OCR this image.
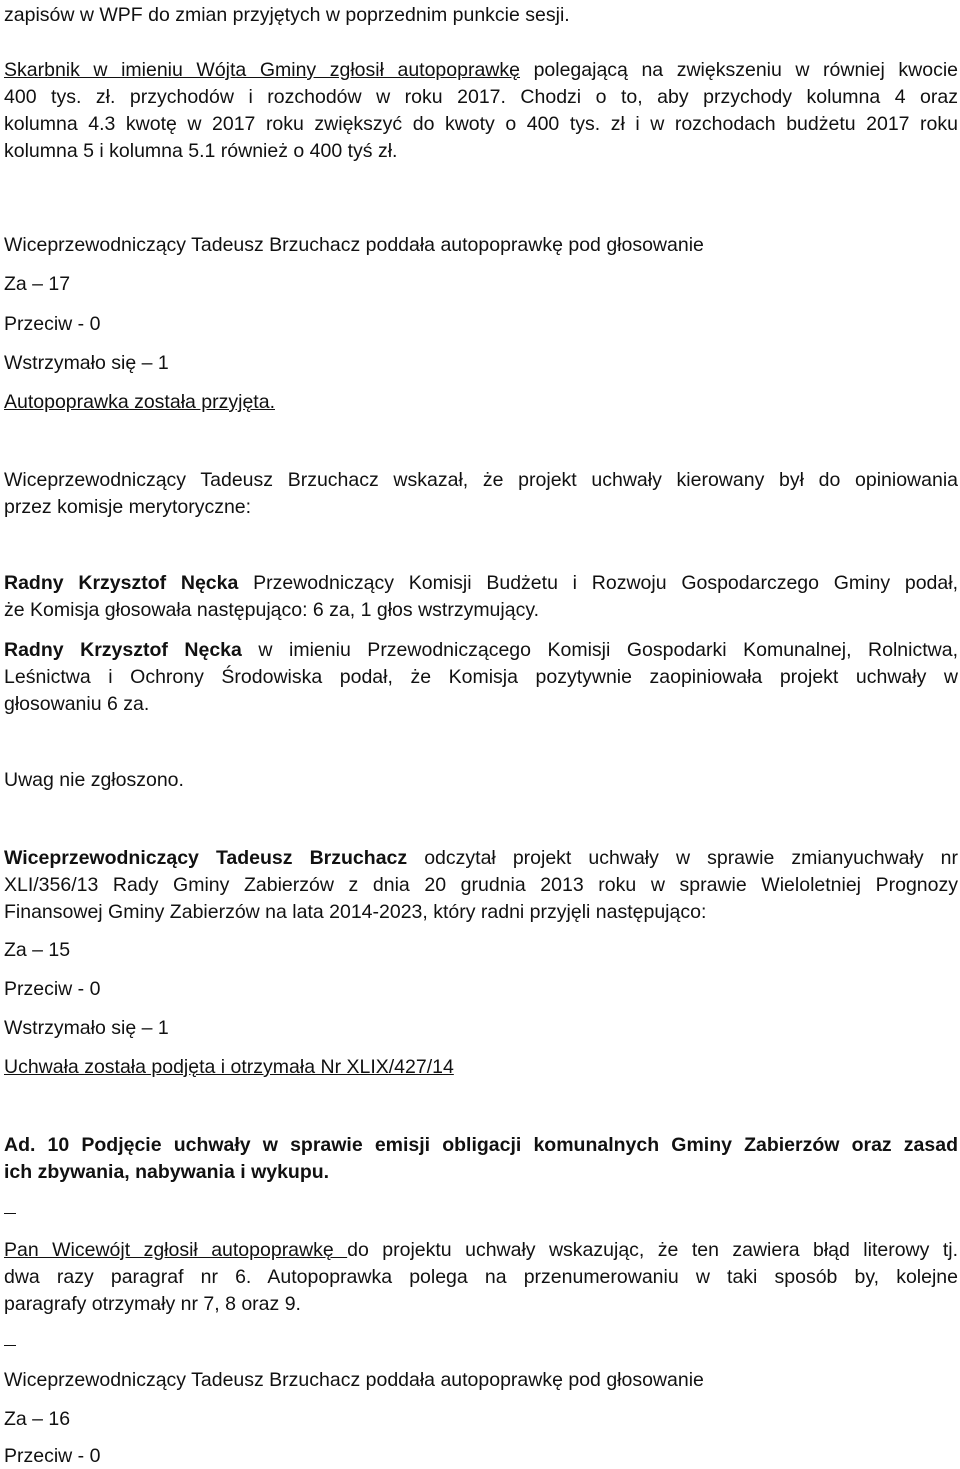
zapisów w WPF do zmian przyjętych w poprzednim punkcie sesji.
Skarbnik w imieniu Wójta Gminy zgłosił autopoprawkę polegającą na zwiększeniu w równiej kwocie
400 tys. zł. przychodów i rozchodów w roku 2017. Chodzi o to, aby przychody kolumna 4 oraz
kolumna 4.3 kwotę w 2017 roku zwiększyć do kwoty o 400 tys. zł i w rozchodach budżetu 2017 roku
kolumna 5 i kolumna 5.1 również o 400 tyś zł.
Wiceprzewodniczący Tadeusz Brzuchacz poddała autopoprawkę pod głosowanie
Za – 17
Przeciw - 0
Wstrzymało się – 1
Autopoprawka została przyjęta.
Wiceprzewodniczący Tadeusz Brzuchacz wskazał, że projekt uchwały kierowany był do opiniowania
przez komisje merytoryczne:
Radny Krzysztof Nęcka Przewodniczący Komisji Budżetu i Rozwoju Gospodarczego Gminy podał,
że Komisja głosowała następująco: 6 za, 1 głos wstrzymujący.
Radny Krzysztof Nęcka w imieniu Przewodniczącego Komisji Gospodarki Komunalnej, Rolnictwa,
Leśnictwa i Ochrony Środowiska podał, że Komisja pozytywnie zaopiniowała projekt uchwały w
głosowaniu 6 za.
Uwag nie zgłoszono.
Wiceprzewodniczący Tadeusz Brzuchacz odczytał projekt uchwały w sprawie zmianyuchwały nr
XLI/356/13 Rady Gminy Zabierzów z dnia 20 grudnia 2013 roku w sprawie Wieloletniej Prognozy
Finansowej Gminy Zabierzów na lata 2014-2023, który radni przyjęli następująco:
Za – 15
Przeciw - 0
Wstrzymało się – 1
Uchwała została podjęta i otrzymała Nr XLIX/427/14
Ad. 10 Podjęcie uchwały w sprawie emisji obligacji komunalnych Gminy Zabierzów oraz zasad
ich zbywania, nabywania i wykupu.
Pan Wicewójt zgłosił autopoprawkę do projektu uchwały wskazując, że ten zawiera błąd literowy tj.
dwa razy paragraf nr 6. Autopoprawka polega na przenumerowaniu w taki sposób by, kolejne
paragrafy otrzymały nr 7, 8 oraz 9.
Wiceprzewodniczący Tadeusz Brzuchacz poddała autopoprawkę pod głosowanie
Za – 16
Przeciw - 0
